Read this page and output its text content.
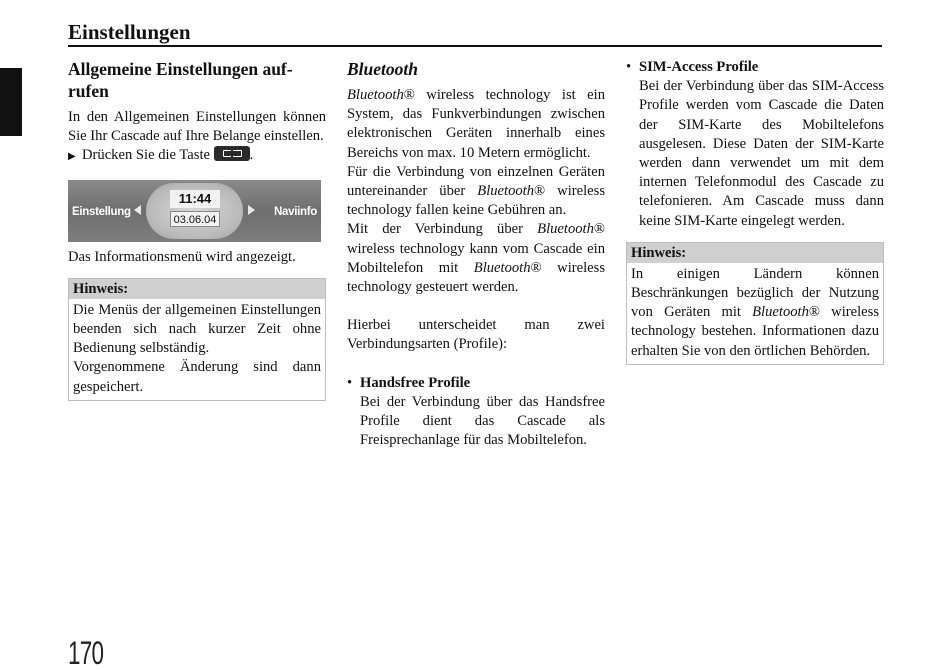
Einstellungen

Allgemeine Einstellungen auf-
rufen

In den Allgemeinen Einstellungen können Sie Ihr Cascade auf Ihre Belange einstellen.

▶ Drücken Sie die Taste	.

Einstellung
11:44
03.06.04
Naviinfo

Das Informationsmenü wird angezeigt.

Hinweis:

Die Menüs der allgemeinen Einstellungen beenden sich nach kurzer Zeit ohne Bedienung selbständig.

Vorgenommene Änderung sind dann gespeichert.

Bluetooth

Bluetooth® wireless technology ist ein System, das Funkverbindungen zwischen elektronischen Geräten innerhalb eines Bereichs von max. 10 Metern ermöglicht.

Für die Verbindung von einzelnen Geräten untereinander über Bluetooth® wireless technology fallen keine Gebühren an.

Mit der Verbindung über Bluetooth® wireless technology kann vom Cascade ein Mobiltelefon mit Bluetooth® wireless technology gesteuert werden.

Hierbei unterscheidet man zwei Verbindungsarten (Profile):

• Handsfree Profile

Bei der Verbindung über das Handsfree Profile dient das Cascade als Freisprechanlage für das Mobiltelefon.

• SIM-Access Profile

Bei der Verbindung über das SIM-Access Profile werden vom Cascade die Daten der SIM-Karte des Mobiltelefons ausgelesen. Diese Daten der SIM-Karte werden dann verwendet um mit dem internen Telefonmodul des Cascade zu telefonieren. Am Cascade muss dann keine SIM-Karte eingelegt werden.

Hinweis:

In einigen Ländern können Beschränkungen bezüglich der Nutzung von Geräten mit Bluetooth® wireless technology bestehen. Informationen dazu erhalten Sie von den örtlichen Behörden.

170
